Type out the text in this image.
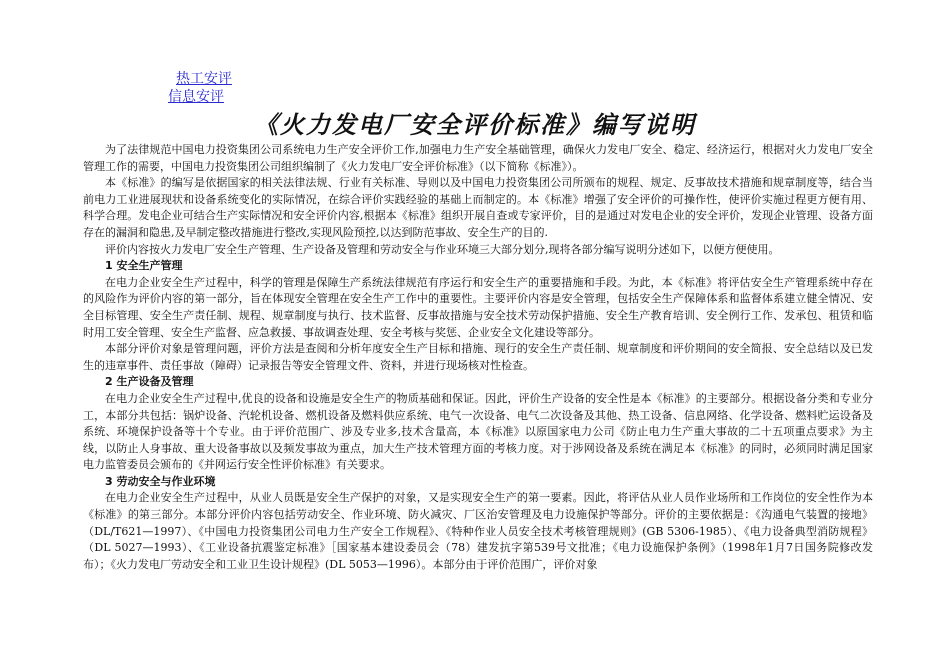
热工安评
信息安评
《火力发电厂安全评价标准》编写说明

为了法律规范中国电力投资集团公司系统电力生产安全评价工作,加强电力生产安全基础管理，确保火力发电厂安全、稳定、经济运行，根据对火力发电厂安全管理工作的需要，中国电力投资集团公司组织编制了《火力发电厂安全评价标准》（以下简称《标准》）。

本《标准》的编写是依据国家的相关法律法规、行业有关标准、导则以及中国电力投资集团公司所颁布的规程、规定、反事故技术措施和规章制度等，结合当前电力工业进展现状和设备系统变化的实际情况，在综合评价实践经验的基础上而制定的。本《标准》增强了安全评价的可操作性，使评价实施过程更方便有用、科学合理。发电企业可结合生产实际情况和安全评价内容,根据本《标准》组织开展自查或专家评价，目的是通过对发电企业的安全评价，发现企业管理、设备方面存在的漏洞和隐患,及早制定整改措施进行整改,实现风险预控,以达到防范事故、安全生产的目的.

评价内容按火力发电厂安全生产管理、生产设备及管理和劳动安全与作业环境三大部分划分,现将各部分编写说明分述如下，以便方便使用。

1 安全生产管理

在电力企业安全生产过程中，科学的管理是保障生产系统法律规范有序运行和安全生产的重要措施和手段。为此，本《标准》将评估安全生产管理系统中存在的风险作为评价内容的第一部分，旨在体现安全管理在安全生产工作中的重要性。主要评价内容是安全管理，包括安全生产保障体系和监督体系建立健全情况、安全目标管理、安全生产责任制、规程、规章制度与执行、技术监督、反事故措施与安全技术劳动保护措施、安全生产教育培训、安全例行工作、发承包、租赁和临时用工安全管理、安全生产监督、应急救援、事故调查处理、安全考核与奖惩、企业安全文化建设等部分。

本部分评价对象是管理问题，评价方法是查阅和分析年度安全生产目标和措施、现行的安全生产责任制、规章制度和评价期间的安全简报、安全总结以及已发生的违章事件、责任事故（障碍）记录报告等安全管理文件、资料，并进行现场核对性检查。

2 生产设备及管理

在电力企业安全生产过程中,优良的设备和设施是安全生产的物质基础和保证。因此，评价生产设备的安全性是本《标准》的主要部分。根据设备分类和专业分工，本部分共包括：锅炉设备、汽轮机设备、燃机设备及燃料供应系统、电气一次设备、电气二次设备及其他、热工设备、信息网络、化学设备、燃料贮运设备及系统、环境保护设备等十个专业。由于评价范围广、涉及专业多,技术含量高，本《标准》以原国家电力公司《防止电力生产重大事故的二十五项重点要求》为主线，以防止人身事故、重大设备事故以及频发事故为重点，加大生产技术管理方面的考核力度。对于涉网设备及系统在满足本《标准》的同时，必须同时满足国家电力监管委员会颁布的《并网运行安全性评价标准》有关要求。

3 劳动安全与作业环境

在电力企业安全生产过程中，从业人员既是安全生产保护的对象，又是实现安全生产的第一要素。因此，将评估从业人员作业场所和工作岗位的安全性作为本《标准》的第三部分。本部分评价内容包括劳动安全、作业环境、防火减灾、厂区治安管理及电力设施保护等部分。评价的主要依据是：《沟通电气装置的接地》（DL/T621—1997）、《中国电力投资集团公司电力生产安全工作规程》、《特种作业人员安全技术考核管理规则》(GB 5306-1985）、《电力设备典型消防规程》（DL 5027—1993）、《工业设备抗震鉴定标准》［国家基本建设委员会（78）建发抗字第539号文批准；《电力设施保护条例》（1998年1月7日国务院修改发布）；《火力发电厂劳动安全和工业卫生设计规程》(DL 5053—1996）。本部分由于评价范围广，评价对象
